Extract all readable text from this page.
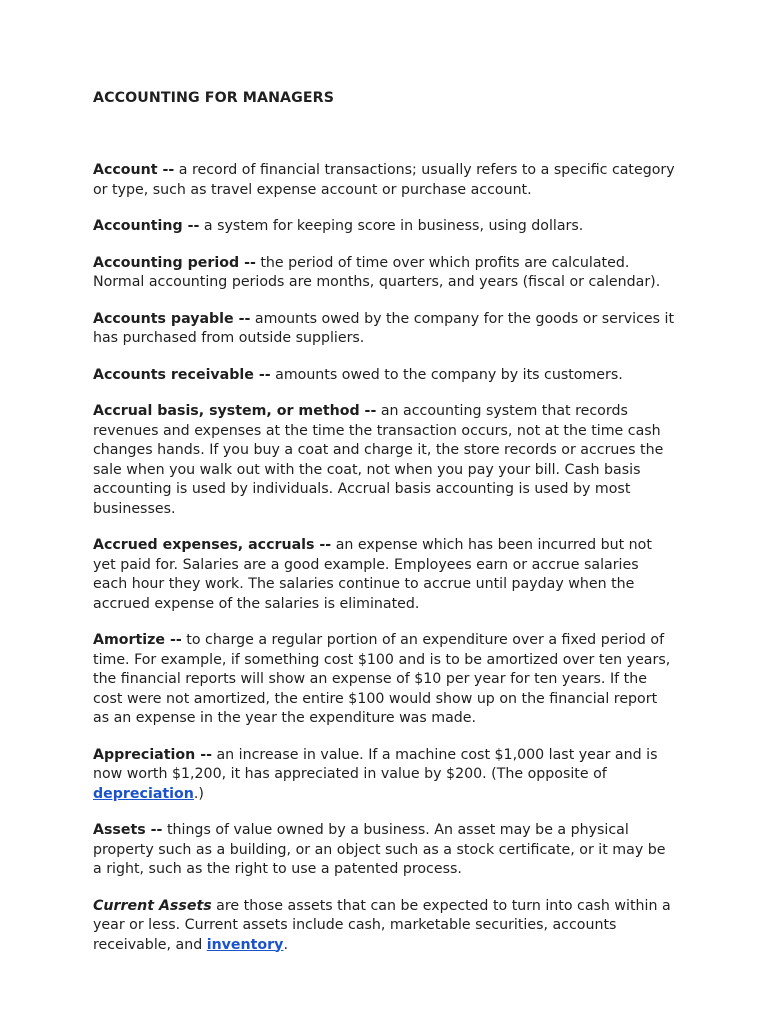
ACCOUNTING FOR MANAGERS

Account -- a record of financial transactions; usually refers to a specific category or type, such as travel expense account or purchase account.

Accounting -- a system for keeping score in business, using dollars.

Accounting period -- the period of time over which profits are calculated. Normal accounting periods are months, quarters, and years (fiscal or calendar).

Accounts payable -- amounts owed by the company for the goods or services it has purchased from outside suppliers.

Accounts receivable -- amounts owed to the company by its customers.

Accrual basis, system, or method -- an accounting system that records revenues and expenses at the time the transaction occurs, not at the time cash changes hands. If you buy a coat and charge it, the store records or accrues the sale when you walk out with the coat, not when you pay your bill. Cash basis accounting is used by individuals. Accrual basis accounting is used by most businesses.

Accrued expenses, accruals -- an expense which has been incurred but not yet paid for. Salaries are a good example. Employees earn or accrue salaries each hour they work. The salaries continue to accrue until payday when the accrued expense of the salaries is eliminated.

Amortize -- to charge a regular portion of an expenditure over a fixed period of time. For example, if something cost $100 and is to be amortized over ten years, the financial reports will show an expense of $10 per year for ten years. If the cost were not amortized, the entire $100 would show up on the financial report as an expense in the year the expenditure was made.

Appreciation -- an increase in value. If a machine cost $1,000 last year and is now worth $1,200, it has appreciated in value by $200. (The opposite of depreciation.)

Assets -- things of value owned by a business. An asset may be a physical property such as a building, or an object such as a stock certificate, or it may be a right, such as the right to use a patented process.

Current Assets are those assets that can be expected to turn into cash within a year or less. Current assets include cash, marketable securities, accounts receivable, and inventory.
